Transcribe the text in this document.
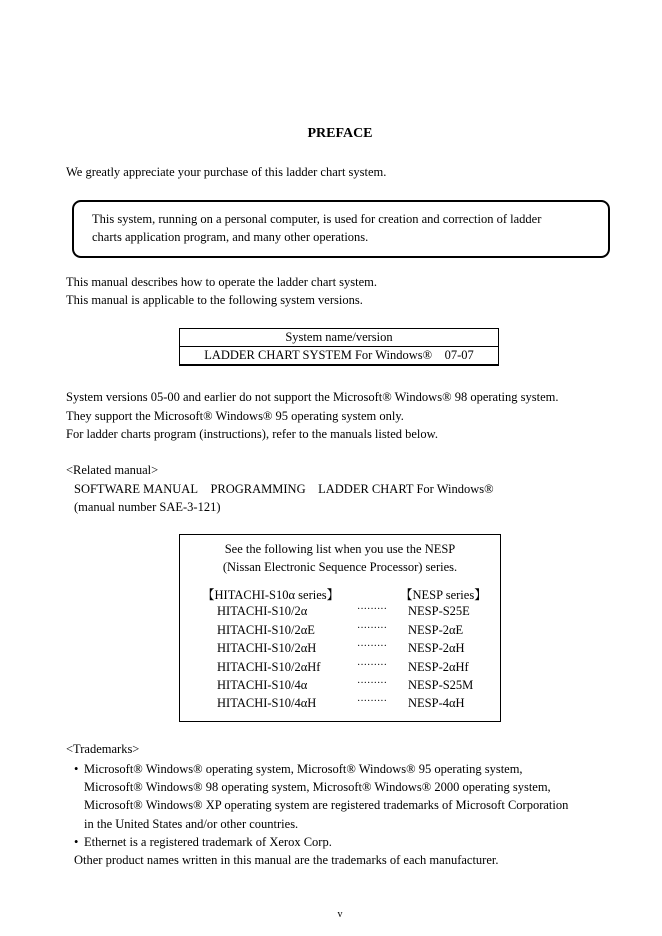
PREFACE
We greatly appreciate your purchase of this ladder chart system.

This system, running on a personal computer, is used for creation and correction of ladder

charts application program, and many other operations.

This manual describes how to operate the ladder chart system.
This manual is applicable to the following system versions.
System name/version
LADDER CHART SYSTEM For Windows®    07-07
System versions 05-00 and earlier do not support the Microsoft® Windows® 98 operating system.
They support the Microsoft® Windows® 95 operating system only.
For ladder charts program (instructions), refer to the manuals listed below.
<Related manual>
SOFTWARE MANUAL    PROGRAMMING    LADDER CHART For Windows®
(manual number SAE-3-121)
See the following list when you use the NESP
(Nissan Electronic Sequence Processor) series.
【HITACHI-S10α series】	【NESP series】
HITACHI-S10/2α	········· NESP-S25E
HITACHI-S10/2αE	········· NESP-2αE
HITACHI-S10/2αH	········· NESP-2αH
HITACHI-S10/2αHf	········· NESP-2αHf
HITACHI-S10/4α	········· NESP-S25M
HITACHI-S10/4αH	········· NESP-4αH
<Trademarks>
• Microsoft® Windows® operating system, Microsoft® Windows® 95 operating system,
Microsoft® Windows® 98 operating system, Microsoft® Windows® 2000 operating system,
Microsoft® Windows® XP operating system are registered trademarks of Microsoft Corporation
in the United States and/or other countries.
• Ethernet is a registered trademark of Xerox Corp.
Other product names written in this manual are the trademarks of each manufacturer.
v
